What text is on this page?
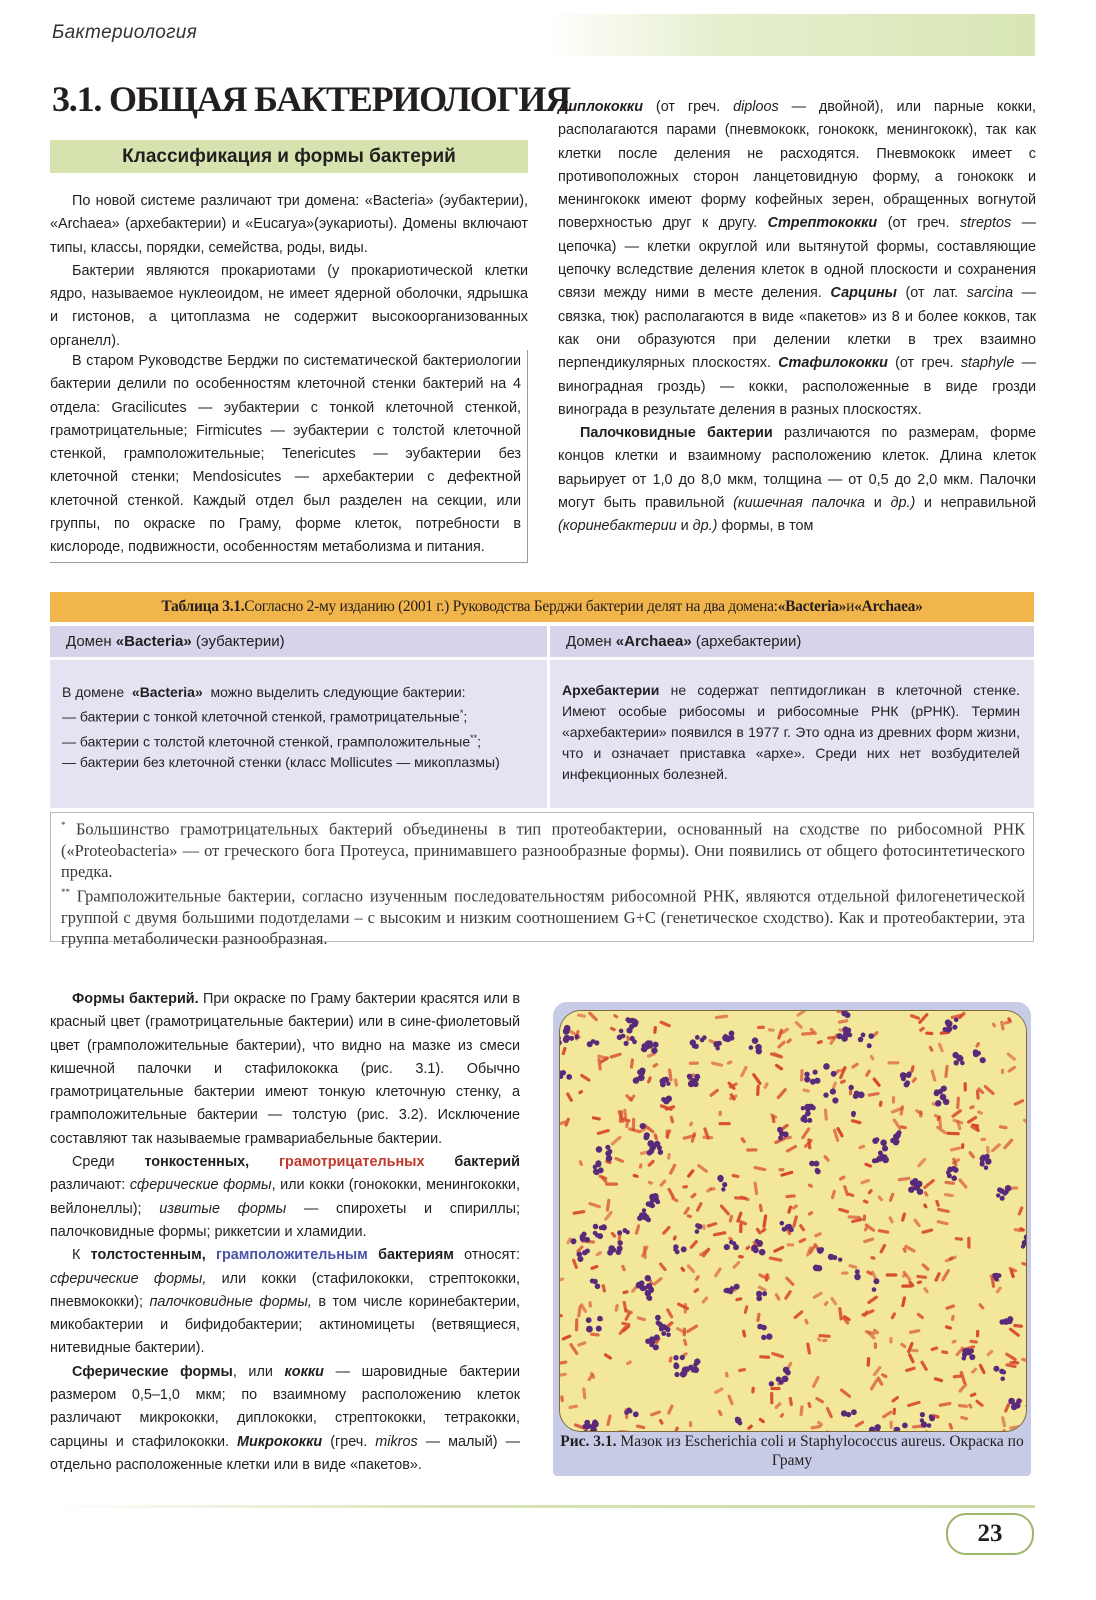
Бактериология
3.1. ОБЩАЯ БАКТЕРИОЛОГИЯ
Классификация и формы бактерий

По новой системе различают три домена: «Bacteria» (эубактерии), «Archaea» (архебактерии) и «Eucarya»(эукариоты). Домены включают типы, классы, порядки, семейства, роды, виды.

Бактерии являются прокариотами (у прокариотической клетки ядро, называемое нуклеоидом, не имеет ядерной оболочки, ядрышка и гистонов, а цитоплазма не содержит высокоорганизованных органелл).

В старом Руководстве Берджи по систематической бактериологии бактерии делили по особенностям клеточной стенки бактерий на 4 отдела: Gracilicutes — эубактерии с тонкой клеточной стенкой, грамотрицательные; Firmicutes — эубактерии с толстой клеточной стенкой, грамположительные; Tenericutes — эубактерии без клеточной стенки; Mendosicutes — архебактерии с дефектной клеточной стенкой. Каждый отдел был разделен на секции, или группы, по окраске по Граму, форме клеток, потребности в кислороде, подвижности, особенностям метаболизма и питания.

Диплококки (от греч. diploos — двойной), или парные кокки, располагаются парами (пневмококк, гонококк, менингококк), так как клетки после деления не расходятся. Пневмококк имеет с противоположных сторон ланцетовидную форму, а гонококк и менингококк имеют форму кофейных зерен, обращенных вогнутой поверхностью друг к другу. Стрептококки (от греч. streptos — цепочка) — клетки округлой или вытянутой формы, составляющие цепочку вследствие деления клеток в одной плоскости и сохранения связи между ними в месте деления. Сарцины (от лат. sarcina — связка, тюк) располагаются в виде «пакетов» из 8 и более кокков, так как они образуются при делении клетки в трех взаимно перпендикулярных плоскостях. Стафилококки (от греч. staphyle — виноградная гроздь) — кокки, расположенные в виде грозди винограда в результате деления в разных плоскостях.

Палочковидные бактерии различаются по размерам, форме концов клетки и взаимному расположению клеток. Длина клеток варьирует от 1,0 до 8,0 мкм, толщина — от 0,5 до 2,0 мкм. Палочки могут быть правильной (кишечная палочка и др.) и неправильной (коринебактерии и др.) формы, в том

Таблица 3.1. Согласно 2-му изданию (2001 г.) Руководства Берджи бактерии делят на два домена: «Bacteria» и «Archaea»
Домен
«Bacteria»
(эубактерии)	Домен
«Archaea»
(архебактерии)
В домене  «Bacteria»  можно выделить следующие бактерии:
— бактерии с тонкой клеточной стенкой, грамотрицательные*;
— бактерии с толстой клеточной стенкой, грамположительные**;
— бактерии без клеточной стенки (класс Mollicutes — микоплазмы)
Архебактерии не содержат пептидогликан в клеточной стенке. Имеют особые рибосомы и рибосомные РНК (рРНК). Термин «архебактерии» появился в 1977 г. Это одна из древних форм жизни, что и означает приставка «архе». Среди них нет возбудителей инфекционных болезней.

* Большинство грамотрицательных бактерий объединены в тип протеобактерии, основанный на сходстве по рибосомной РНК («Proteobacteria» — от греческого бога Протеуса, принимавшего разнообразные формы). Они появились от общего фотосинтетического предка.

** Грамположительные бактерии, согласно изученным последовательностям рибосомной РНК, являются отдельной филогенетической группой с двумя большими подотделами – с высоким и низким соотношением G+C (генетическое сходство). Как и протеобактерии, эта группа метаболически разнообразная.

Формы бактерий. При окраске по Граму бактерии красятся или в красный цвет (грамотрицательные бактерии) или в сине-фиолетовый цвет (грамположительные бактерии), что видно на мазке из смеси кишечной палочки и стафилококка (рис. 3.1). Обычно грамотрицательные бактерии имеют тонкую клеточную стенку, а грамположительные бактерии — толстую (рис. 3.2). Исключение составляют так называемые грамвариабельные бактерии.

Среди тонкостенных, грамотрицательных бактерий различают: сферические формы, или кокки (гонококки, менингококки, вейлонеллы); извитые формы — спирохеты и спириллы; палочковидные формы; риккетсии и хламидии.

К толстостенным, грамположительным бактериям относят: сферические формы, или кокки (стафилококки, стрептококки, пневмококки); палочковидные формы, в том числе коринебактерии, микобактерии и бифидобактерии; актиномицеты (ветвящиеся, нитевидные бактерии).

Сферические формы, или кокки — шаровидные бактерии размером 0,5–1,0 мкм; по взаимному расположению клеток различают микрококки, диплококки, стрептококки, тетракокки, сарцины и стафилококки. Микрококки (греч. mikros — малый) — отдельно расположенные клетки или в виде «пакетов».

Рис. 3.1. Мазок из Escherichia coli и Staphylococcus aureus. Окраска по Граму
23
